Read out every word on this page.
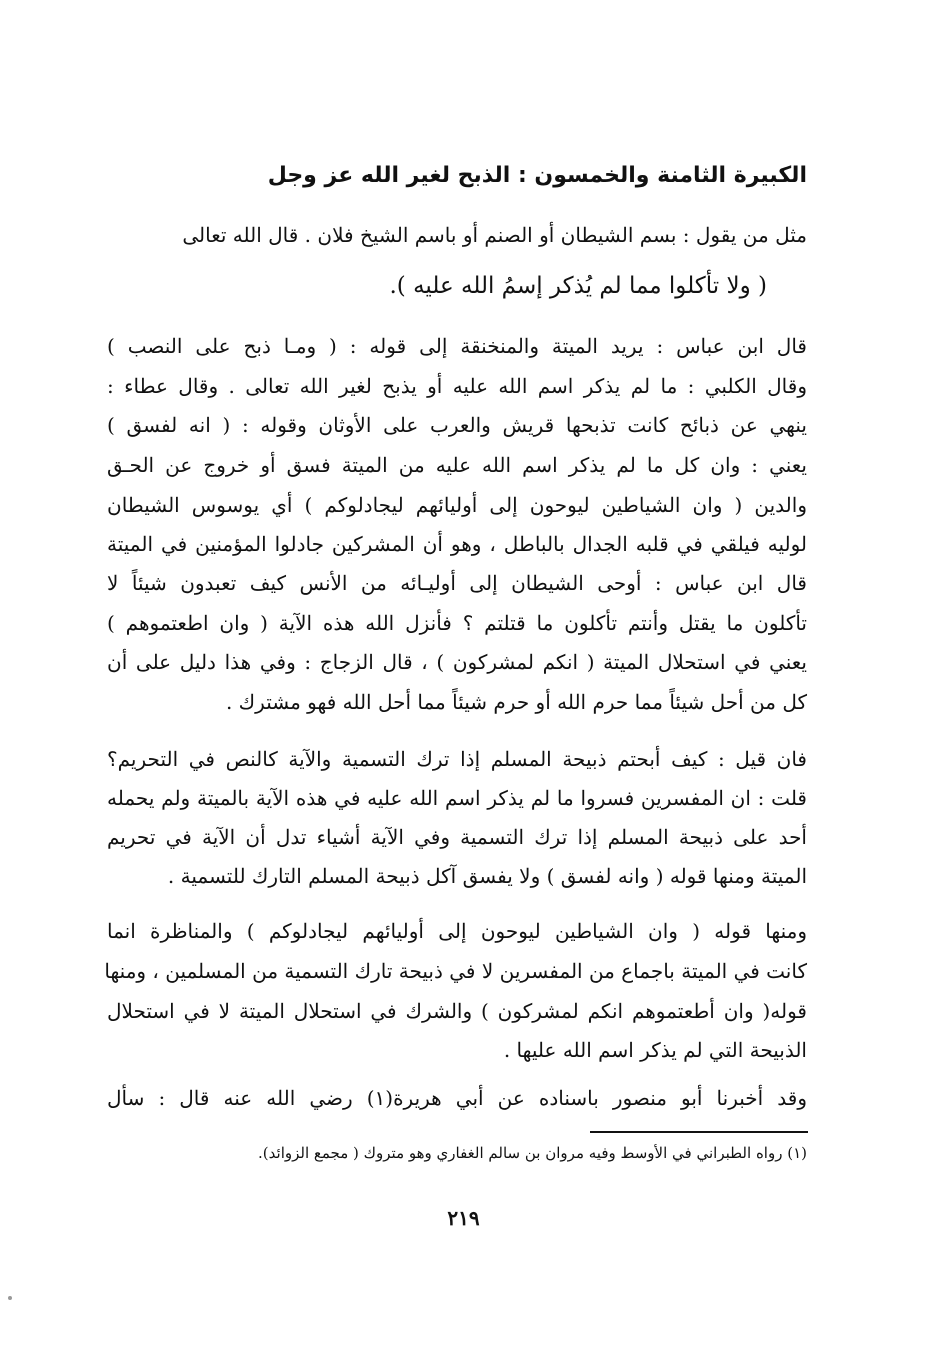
الكبيرة الثامنة والخمسون : الذبح لغير الله عز وجل
مثل من يقول : بسم الشيطان أو الصنم أو باسم الشيخ فلان . قال الله تعالى
( ولا تأكلوا مما لم يُذكر إسمُ الله عليه ).
قال ابن عباس : يريد الميتة والمنخنقة إلى قوله : ( ومـا ذبح على النصب )
وقال الكلبي : ما لم يذكر اسم الله عليه أو يذبح لغير الله تعالى . وقال عطاء :
ينهي عن ذبائح كانت تذبحها قريش والعرب على الأوثان وقوله : ( انه لفسق )
يعني : وان كل ما لم يذكر اسم الله عليه من الميتة فسق أو خروج عن الحـق
والدين ( وان الشياطين ليوحون إلى أوليائهم ليجادلوكم ) أي يوسوس الشيطان
لوليه فيلقي في قلبه الجدال بالباطل ، وهو أن المشركين جادلوا المؤمنين في الميتة
قال ابن عباس : أوحى الشيطان إلى أوليـائه من الأنس كيف تعبدون شيئاً لا
تأكلون ما يقتل وأنتم تأكلون ما قتلتم ؟ فأنزل الله هذه الآية ( وان اطعتموهم )
يعني في استحلال الميتة ( انكم لمشركون ) ، قال الزجاج : وفي هذا دليل على أن
كل من أحل شيئاً مما حرم الله أو حرم شيئاً مما أحل الله فهو مشترك .
فان قيل : كيف أبحتم ذبيحة المسلم إذا ترك التسمية والآية كالنص في التحريم؟
قلت : ان المفسرين فسروا ما لم يذكر اسم الله عليه في هذه الآية بالميتة ولم يحمله
أحد على ذبيحة المسلم إذا ترك التسمية وفي الآية أشياء تدل أن الآية في تحريم
الميتة ومنها قوله ( وانه لفسق ) ولا يفسق آكل ذبيحة المسلم التارك للتسمية .
ومنها قوله ( وان الشياطين ليوحون إلى أوليائهم ليجادلوكم ) والمناظرة انما
كانت في الميتة باجماع من المفسرين لا في ذبيحة تارك التسمية من المسلمين ، ومنها
قوله( وان أطعتموهم انكم لمشركون ) والشرك في استحلال الميتة لا في استحلال
الذبيحة التي لم يذكر اسم الله عليها .
وقد أخبرنا أبو منصور باسناده عن أبي هريرة(١) رضي الله عنه قال : سأل
(١) رواه الطبراني في الأوسط وفيه مروان بن سالم الغفاري وهو متروك ( مجمع الزوائد).
٢١٩
